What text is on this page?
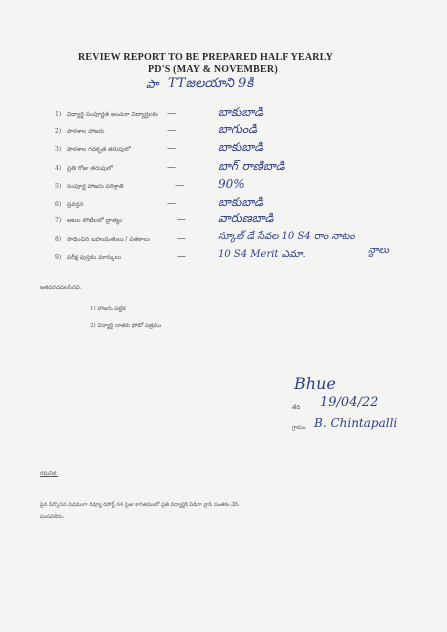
REVIEW REPORT TO BE PREPARED HALF YEARLY
PD'S (MAY & NOVEMBER)
పా TTజలయాని 9కి
1) విద్యార్థి సంపూర్ణత అంచనా విద్యార్హలకు —	బాకుబాడి
2) పాఠశాల హాజరు	—	బాగుండి
3) పాఠశాల గదకృత తరుపులో	—	బాకుబాడి
4) ప్రతి రోజు తరుపులో	—	బాగ్ రాణిబాడి
5) సంపూర్ణ హాజరు పరిశ్రాతి	—	90%
6) ప్రవర్తన	—	బాకుబాడి
7) ఆటల పోటిలలో వ్రాత్యం	—	వారుణబాడి
8) సాధించిన బహుమతులు / పతకాలు	—	స్కూల్ డే సేవల 10 S4 రాం నాటం
9) పరీక్ష పుస్తకం మార్కులు	—	10 S4 Merit ఎమా.	న్దాలు
జతపరచవలసినవి.
1) హాజరు పట్టిక
2) విద్యార్థి దాతకు ఫోటో పత్రము
Bhue
తేది 19/04/22
గ్రామం B. Chintapalli
గమనిక:
పైన పేర్కొనిన విధముగా రివ్యూ రిపోర్ట్ A4 సైజు కాగితములో ప్రతి విద్యార్థికి విడిగా వ్రాసి సంతకం చేసి
పంపవలెను.
